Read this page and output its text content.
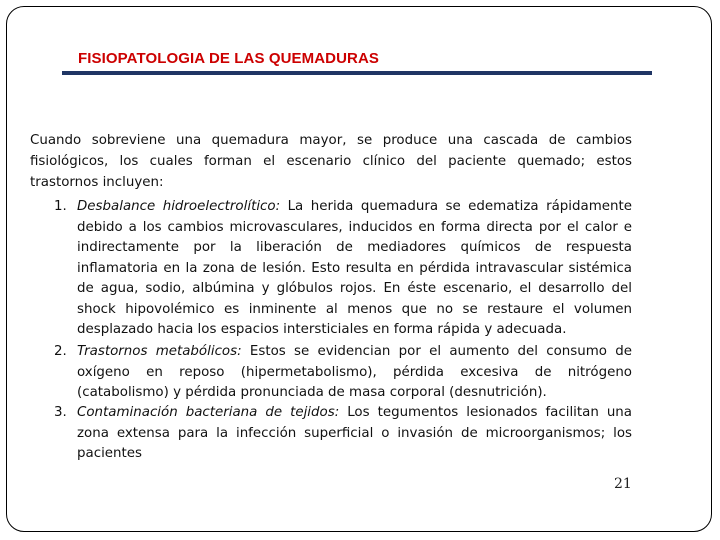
FISIOPATOLOGIA DE LAS QUEMADURAS

Cuando sobreviene una quemadura mayor, se produce una cascada de cambios fisiológicos, los cuales forman el escenario clínico del paciente quemado; estos trastornos incluyen:

1. Desbalance hidroelectrolítico: La herida quemadura se edematiza rápidamente debido a los cambios microvasculares, inducidos en forma directa por el calor e indirectamente por la liberación de mediadores químicos de respuesta inflamatoria en la zona de lesión. Esto resulta en pérdida intravascular sistémica de agua, sodio, albúmina y glóbulos rojos. En éste escenario, el desarrollo del shock hipovolémico es inminente al menos que no se restaure el volumen desplazado hacia los espacios intersticiales en forma rápida y adecuada.

2. Trastornos metabólicos: Estos se evidencian por el aumento del consumo de oxígeno en reposo (hipermetabolismo), pérdida excesiva de nitrógeno (catabolismo) y pérdida pronunciada de masa corporal (desnutrición).

3. Contaminación bacteriana de tejidos: Los tegumentos lesionados facilitan una zona extensa para la infección superficial o invasión de microorganismos; los pacientes

21
